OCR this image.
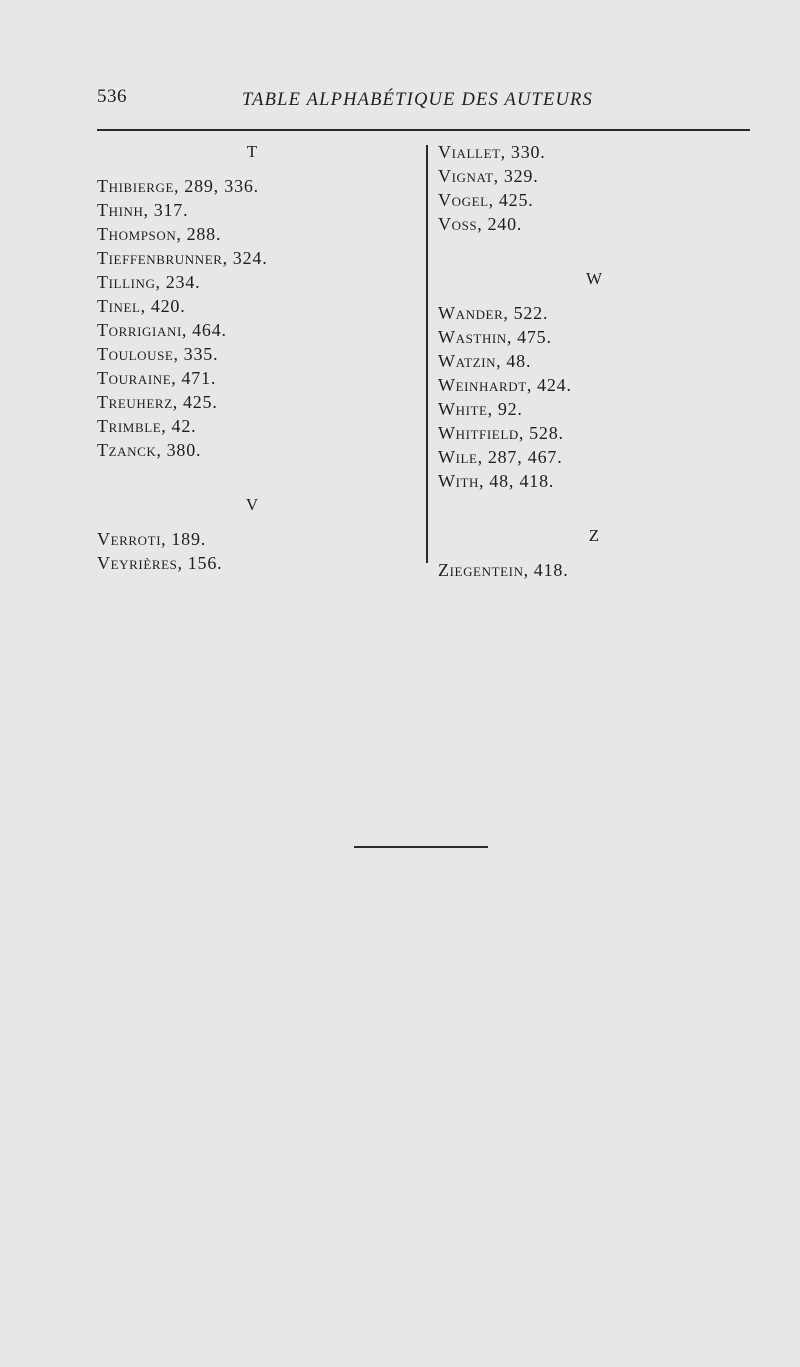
536	TABLE ALPHABÉTIQUE DES AUTEURS
T
Thibierge, 289, 336.
Thinh, 317.
Thompson, 288.
Tieffenbrunner, 324.
Tilling, 234.
Tinel, 420.
Torrigiani, 464.
Toulouse, 335.
Touraine, 471.
Treuherz, 425.
Trimble, 42.
Tzanck, 380.
V
Verroti, 189.
Veyrières, 156.
Viallet, 330.
Vignat, 329.
Vogel, 425.
Voss, 240.
W
Wander, 522.
Wasthin, 475.
Watzin, 48.
Weinhardt, 424.
White, 92.
Whitfield, 528.
Wile, 287, 467.
With, 48, 418.
Z
Ziegentein, 418.
